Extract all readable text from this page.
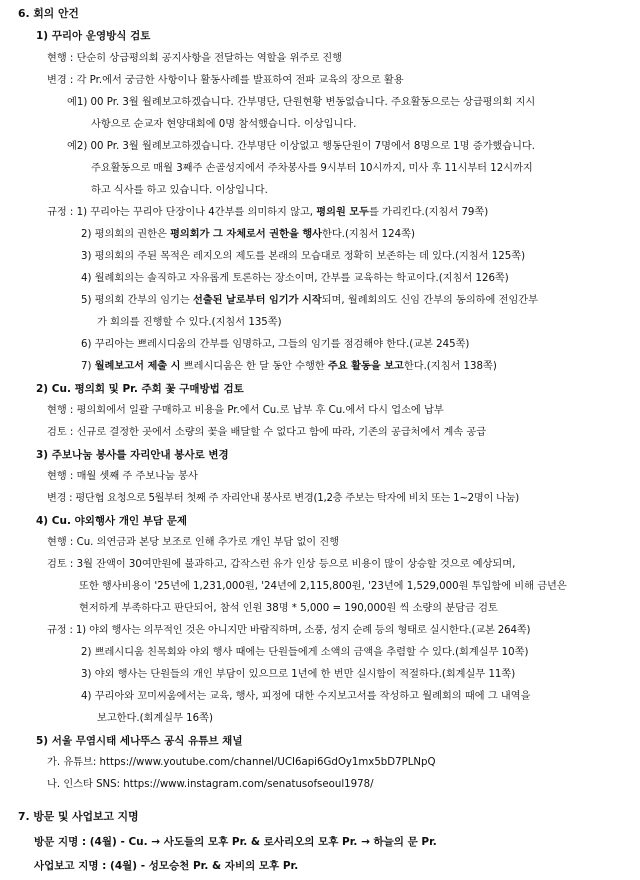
6. 회의 안건
1) 꾸리아 운영방식 검토
현행 : 단순히 상급평의회 공지사항을 전달하는 역할을 위주로 진행
변경 : 각 Pr.에서 궁금한 사항이나 활동사례를 발표하여 전파 교육의 장으로 활용
예1) 00 Pr. 3월 월례보고하겠습니다. 간부명단, 단원현황 변동없습니다. 주요활동으로는 상급평의회 지시
사항으로 순교자 현양대회에 0명 참석했습니다. 이상입니다.
예2) 00 Pr. 3월 월례보고하겠습니다. 간부명단 이상없고 행동단원이 7명에서 8명으로 1명 증가했습니다.
주요활동으로 매월 3째주 손골성지에서 주차봉사를 9시부터 10시까지, 미사 후 11시부터 12시까지
하고 식사를 하고 있습니다. 이상입니다.
규정 : 1) 꾸리아는 꾸리아 단장이나 4간부를 의미하지 않고, 평의원 모두를 가리킨다.(지침서 79쪽)
2) 평의회의 권한은 평의회가 그 자체로서 권한을 행사한다.(지침서 124쪽)
3) 평의회의 주된 목적은 레지오의 제도를 본래의 모습대로 정확히 보존하는 데 있다.(지침서 125쪽)
4) 월례회의는 솔직하고 자유롭게 토론하는 장소이며, 간부를 교육하는 학교이다.(지침서 126쪽)
5) 평의회 간부의 임기는 선출된 날로부터 임기가 시작되며, 월례회의도 신임 간부의 동의하에 전임간부
가 회의를 진행할 수 있다.(지침서 135쪽)
6) 꾸리아는 쁘레시디움의 간부를 임명하고, 그들의 임기를 점검해야 한다.(교본 245쪽)
7) 월례보고서 제출 시 쁘레시디움은 한 달 동안 수행한 주요 활동을 보고한다.(지침서 138쪽)
2) Cu. 평의회 및 Pr. 주회 꽃 구매방법 검토
현행 : 평의회에서 일괄 구매하고 비용을 Pr.에서 Cu.로 납부 후 Cu.에서 다시 업소에 납부
검토 : 신규로 결정한 곳에서 소량의 꽃을 배달할 수 없다고 함에 따라, 기존의 공급처에서 계속 공급
3) 주보나눔 봉사를 자리안내 봉사로 변경
현행 : 매월 셋째 주 주보나눔 봉사
변경 : 평단협 요청으로 5월부터 첫째 주 자리안내 봉사로 변경(1,2층 주보는 탁자에 비치 또는 1~2명이 나눔)
4) Cu. 야외행사 개인 부담 문제
현행 : Cu. 의연금과 본당 보조로 인해 추가로 개인 부담 없이 진행
검토 : 3월 잔액이 30여만원에 불과하고, 갑작스런 유가 인상 등으로 비용이 많이 상승할 것으로 예상되며,
또한 행사비용이 '25년에 1,231,000원, '24년에 2,115,800원, '23년에 1,529,000원 투입함에 비해 금년은
현저하게 부족하다고 판단되어, 참석 인원 38명 * 5,000 = 190,000원 씩 소량의 분담금 검토
규정 : 1) 야외 행사는 의무적인 것은 아니지만 바람직하며, 소풍, 성지 순례 등의 형태로 실시한다.(교본 264쪽)
2) 쁘레시디움 친목회와 야외 행사 때에는 단원들에게 소액의 금액을 추렴할 수 있다.(회계실무 10쪽)
3) 야외 행사는 단원들의 개인 부담이 있으므로 1년에 한 번만 실시함이 적절하다.(회계실무 11쪽)
4) 꾸리아와 꼬미씨움에서는 교육, 행사, 피정에 대한 수지보고서를 작성하고 월례회의 때에 그 내역을
보고한다.(회계실무 16쪽)
5) 서울 무염시태 세나뚜스 공식 유튜브 채널
가. 유튜브: https://www.youtube.com/channel/UCI6api6GdOy1mx5bD7PLNpQ
나. 인스타 SNS: https://www.instagram.com/senatusofseoul1978/
7. 방문 및 사업보고 지명
방문 지명 : (4월) - Cu. → 사도들의 모후 Pr. & 로사리오의 모후 Pr. → 하늘의 문 Pr.
사업보고 지명 : (4월) - 성모승천 Pr. & 자비의 모후 Pr.
